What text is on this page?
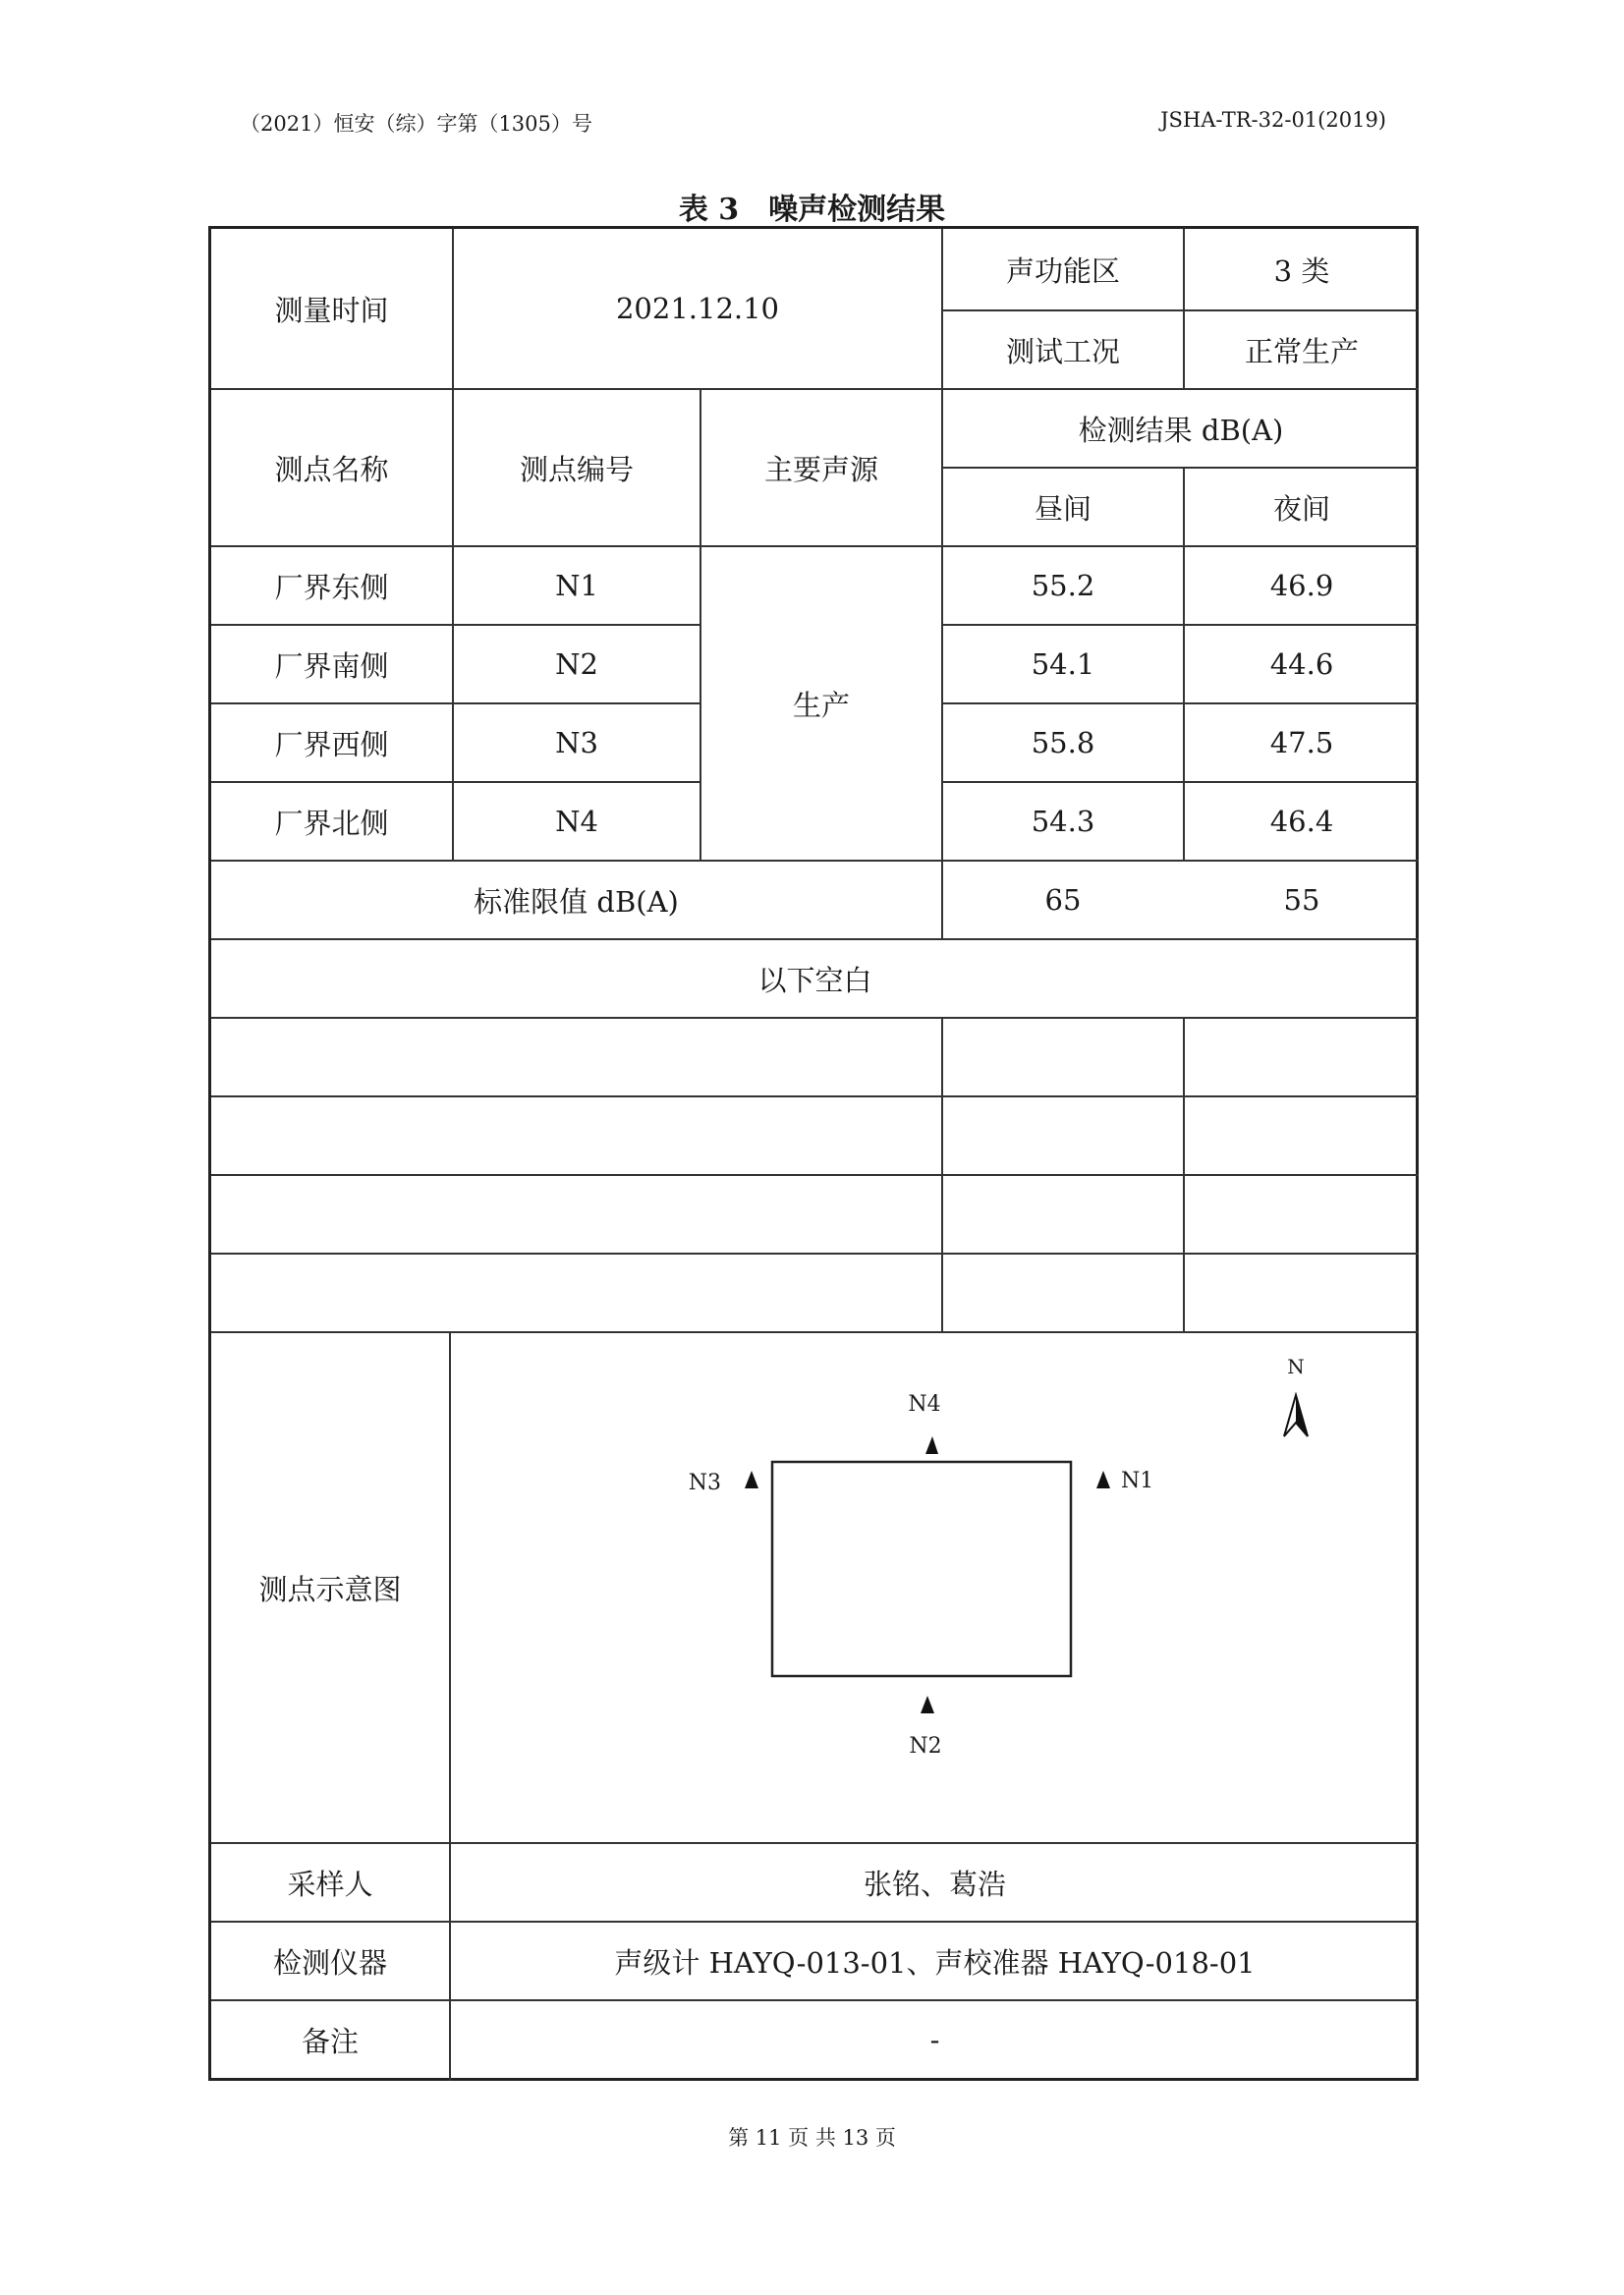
（2021）恒安（综）字第（1305）号	JSHA-TR-32-01(2019)
表 3　噪声检测结果
测量时间	2021.12.10
声功能区	3 类
测试工况	正常生产
测点名称	测点编号	主要声源
检测结果 dB(A)
昼间	夜间
厂界东侧	N1	55.2	46.9
厂界南侧	N2	54.1	44.6
厂界西侧	N3	55.8	47.5
厂界北侧	N4	54.3	46.4
生产
标准限值 dB(A)	65	55
以下空白
测点示意图
采样人	张铭、葛浩
检测仪器	声级计 HAYQ-013-01、声校准器 HAYQ-018-01
备注	-
N4
N1
N3
N2
N
第 11 页 共 13 页
